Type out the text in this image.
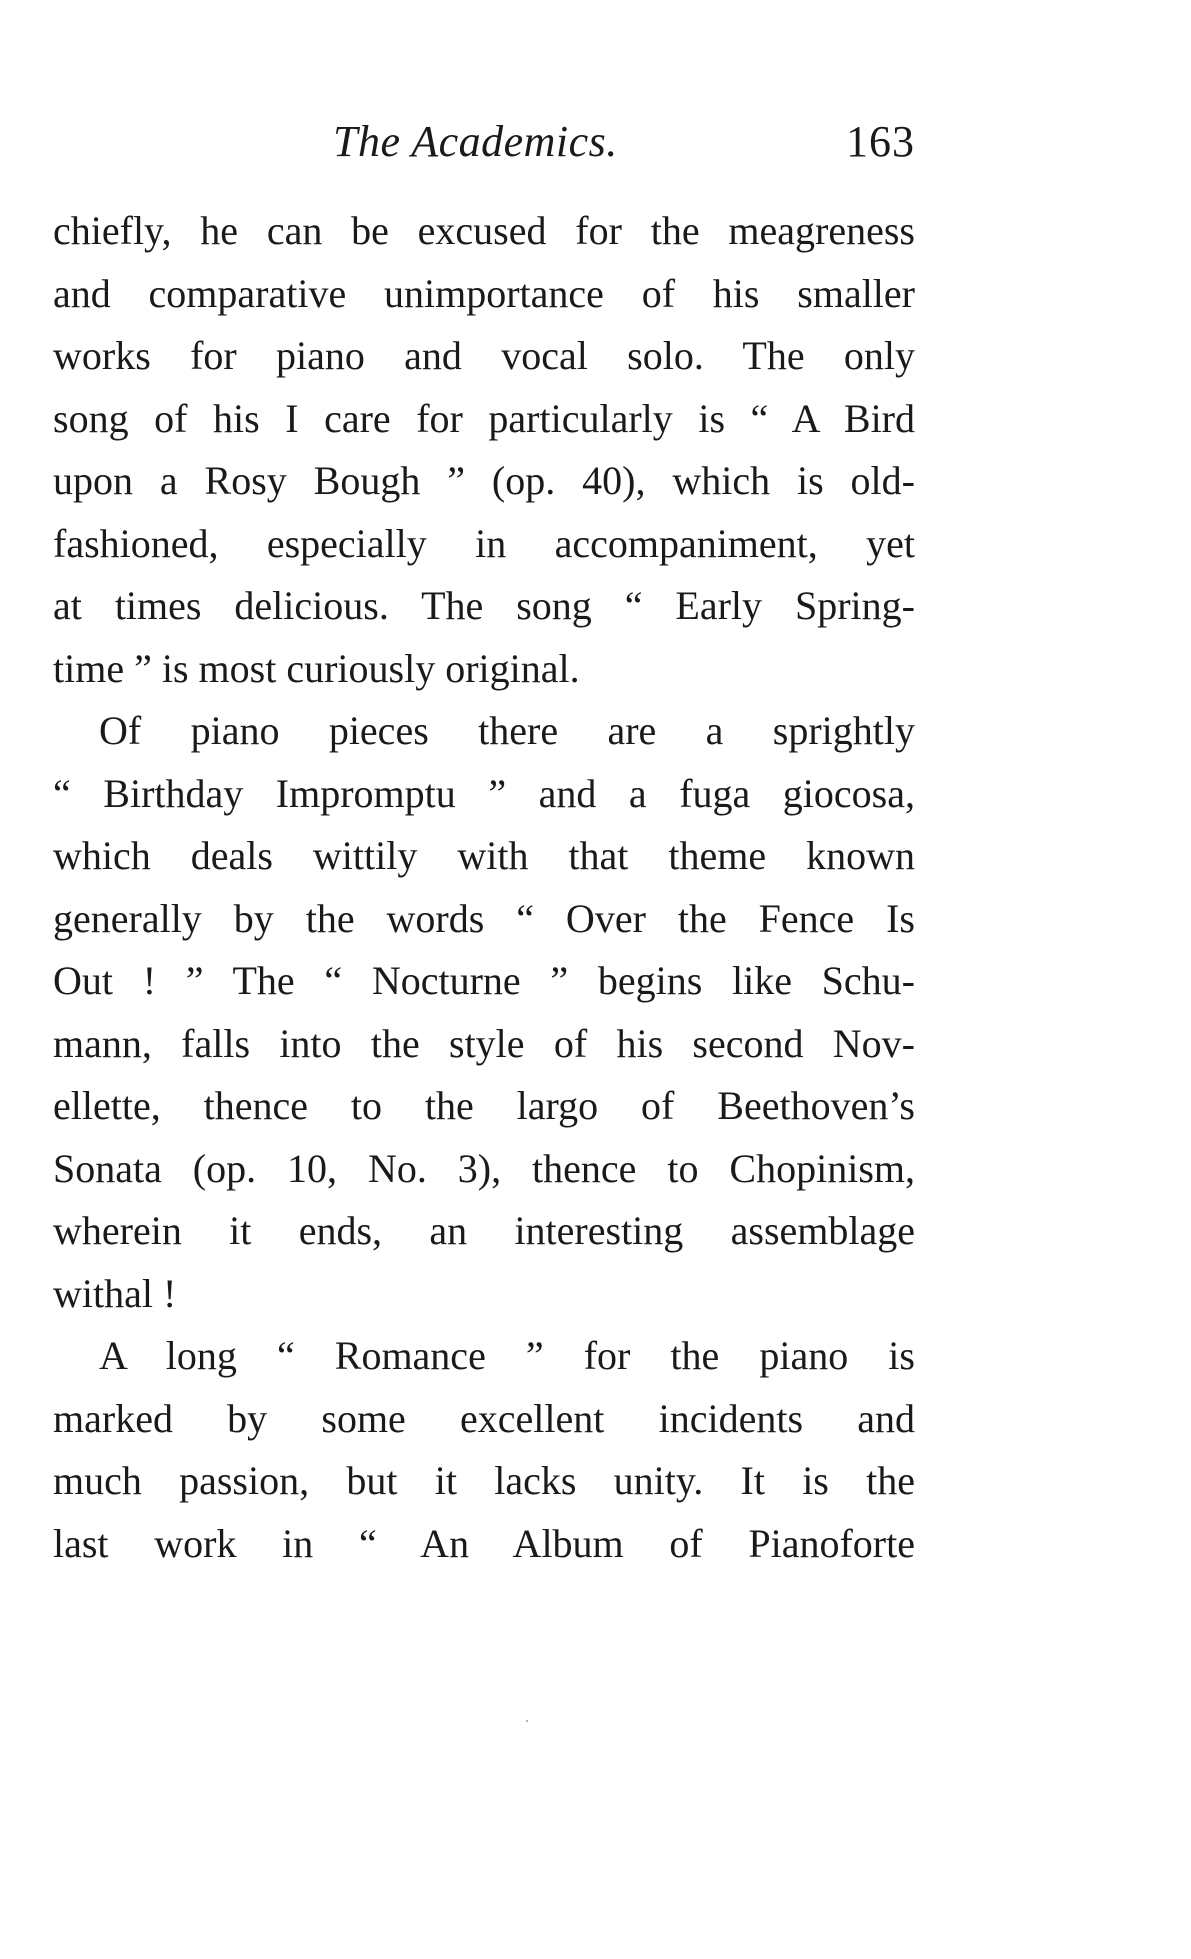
The Academics.	163
chiefly, he can be excused for the meagreness
and comparative unimportance of his smaller
works for piano and vocal solo. The only
song of his I care for particularly is “ A Bird
upon a Rosy Bough ” (op. 40), which is old-
fashioned, especially in accompaniment, yet
at times delicious. The song “ Early Spring-
time ” is most curiously original.
Of piano pieces there are a sprightly
“ Birthday Impromptu ” and a fuga giocosa,
which deals wittily with that theme known
generally by the words “ Over the Fence Is
Out ! ” The “ Nocturne ” begins like Schu-
mann, falls into the style of his second Nov-
ellette, thence to the largo of Beethoven’s
Sonata (op. 10, No. 3), thence to Chopinism,
wherein it ends, an interesting assemblage
withal !
A long “ Romance ” for the piano is
marked by some excellent incidents and
much passion, but it lacks unity. It is the
last work in “ An Album of Pianoforte
